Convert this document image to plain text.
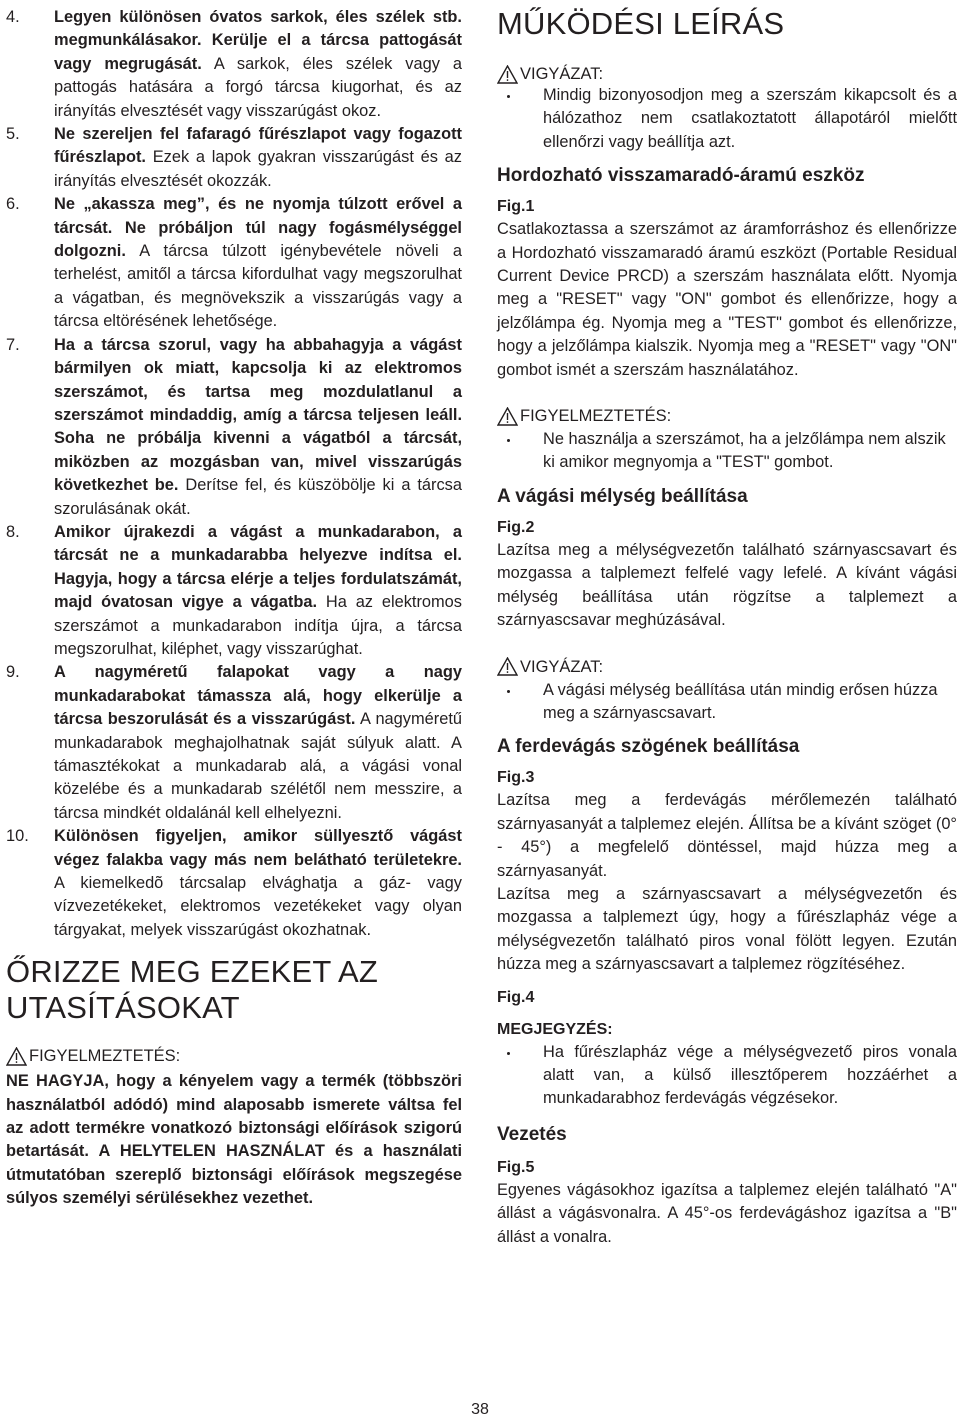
4.	Legyen különösen óvatos sarkok, éles szélek stb. megmunkálásakor. Kerülje el a tárcsa pattogását vagy megrugását. A sarkok, éles szélek vagy a pattogás hatására a forgó tárcsa kiugorhat, és az irányítás elvesztését vagy visszarúgást okoz.

5.	Ne szereljen fel fafaragó fűrészlapot vagy fogazott fűrészlapot. Ezek a lapok gyakran visszarúgást és az irányítás elvesztését okozzák.

6.	Ne „akassza meg”, és ne nyomja túlzott erővel a tárcsát. Ne próbáljon túl nagy fogásmélységgel dolgozni. A tárcsa túlzott igénybevétele növeli a terhelést, amitől a tárcsa kifordulhat vagy megszorulhat a vágatban, és megnövekszik a visszarúgás vagy a tárcsa eltörésének lehetősége.

7.	Ha a tárcsa szorul, vagy ha abbahagyja a vágást bármilyen ok miatt, kapcsolja ki az elektromos szerszámot, és tartsa meg mozdulatlanul a szerszámot mindaddig, amíg a tárcsa teljesen leáll. Soha ne próbálja kivenni a vágatból a tárcsát, miközben az mozgásban van, mivel visszarúgás következhet be. Derítse fel, és küszöbölje ki a tárcsa szorulásának okát.

8.	Amikor újrakezdi a vágást a munkadarabon, a tárcsát ne a munkadarabba helyezve indítsa el. Hagyja, hogy a tárcsa elérje a teljes fordulatszámát, majd óvatosan vigye a vágatba. Ha az elektromos szerszámot a munkadarabon indítja újra, a tárcsa megszorulhat, kiléphet, vagy visszarúghat.

9.	A nagyméretű falapokat vagy a nagy munkadarabokat támassza alá, hogy elkerülje a tárcsa beszorulását és a visszarúgást. A nagyméretű munkadarabok meghajolhatnak saját súlyuk alatt. A támasztékokat a munkadarab alá, a vágási vonal közelébe és a munkadarab szélétől nem messzire, a tárcsa mindkét oldalánál kell elhelyezni.

10.	Különösen figyeljen, amikor süllyesztő vágást végez falakba vagy más nem belátható területekre. A kiemelkedõ tárcsalap elvághatja a gáz- vagy vízvezetékeket, elektromos vezetékeket vagy olyan tárgyakat, melyek visszarúgást okozhatnak.

ŐRIZZE MEG EZEKET AZ
UTASÍTÁSOKAT
FIGYELMEZTETÉS:

NE HAGYJA, hogy a kényelem vagy a termék (többszöri használatból adódó) mind alaposabb ismerete váltsa fel az adott termékre vonatkozó biztonsági előírások szigorú betartását. A HELYTELEN HASZNÁLAT és a használati útmutatóban szereplő biztonsági előírások megszegése súlyos személyi sérülésekhez vezethet.

MŰKÖDÉSI LEÍRÁS
VIGYÁZAT:

Mindig bizonyosodjon meg a szerszám kikapcsolt és a hálózathoz nem csatlakoztatott állapotáról mielőtt ellenőrzi vagy beállítja azt.

Hordozható visszamaradó-áramú eszköz

Fig.1

Csatlakoztassa a szerszámot az áramforráshoz és ellenőrizze a Hordozható visszamaradó áramú eszközt (Portable Residual Current Device PRCD) a szerszám használata előtt. Nyomja meg a "RESET" vagy "ON" gombot és ellenőrizze, hogy a jelzőlámpa ég. Nyomja meg a "TEST" gombot és ellenőrizze, hogy a jelzőlámpa kialszik. Nyomja meg a "RESET" vagy "ON" gombot ismét a szerszám használatához.

FIGYELMEZTETÉS:

Ne használja a szerszámot, ha a jelzőlámpa nem alszik ki amikor megnyomja a "TEST" gombot.

A vágási mélység beállítása

Fig.2

Lazítsa meg a mélységvezetőn található szárnyascsavart és mozgassa a talplemezt felfelé vagy lefelé. A kívánt vágási mélység beállítása után rögzítse a talplemezt a szárnyascsavar meghúzásával.

VIGYÁZAT:

A vágási mélység beállítása után mindig erősen húzza meg a szárnyascsavart.

A ferdevágás szögének beállítása

Fig.3

Lazítsa meg a ferdevágás mérőlemezén található szárnyasanyát a talplemez elején. Állítsa be a kívánt szöget (0° - 45°) a megfelelő döntéssel, majd húzza meg a szárnyasanyát.

Lazítsa meg a szárnyascsavart a mélységvezetőn és mozgassa a talplemezt úgy, hogy a fűrészlapház vége a mélységvezetőn található piros vonal fölött legyen. Ezután húzza meg a szárnyascsavart a talplemez rögzítéséhez.

Fig.4

MEGJEGYZÉS:

Ha fűrészlapház vége a mélységvezető piros vonala alatt van, a külső illesztőperem hozzáérhet a munkadarabhoz ferdevágás végzésekor.

Vezetés

Fig.5

Egyenes vágásokhoz igazítsa a talplemez elején található "A" állást a vágásvonalra. A 45°-os ferdevágáshoz igazítsa a "B" állást a vonalra.

38
